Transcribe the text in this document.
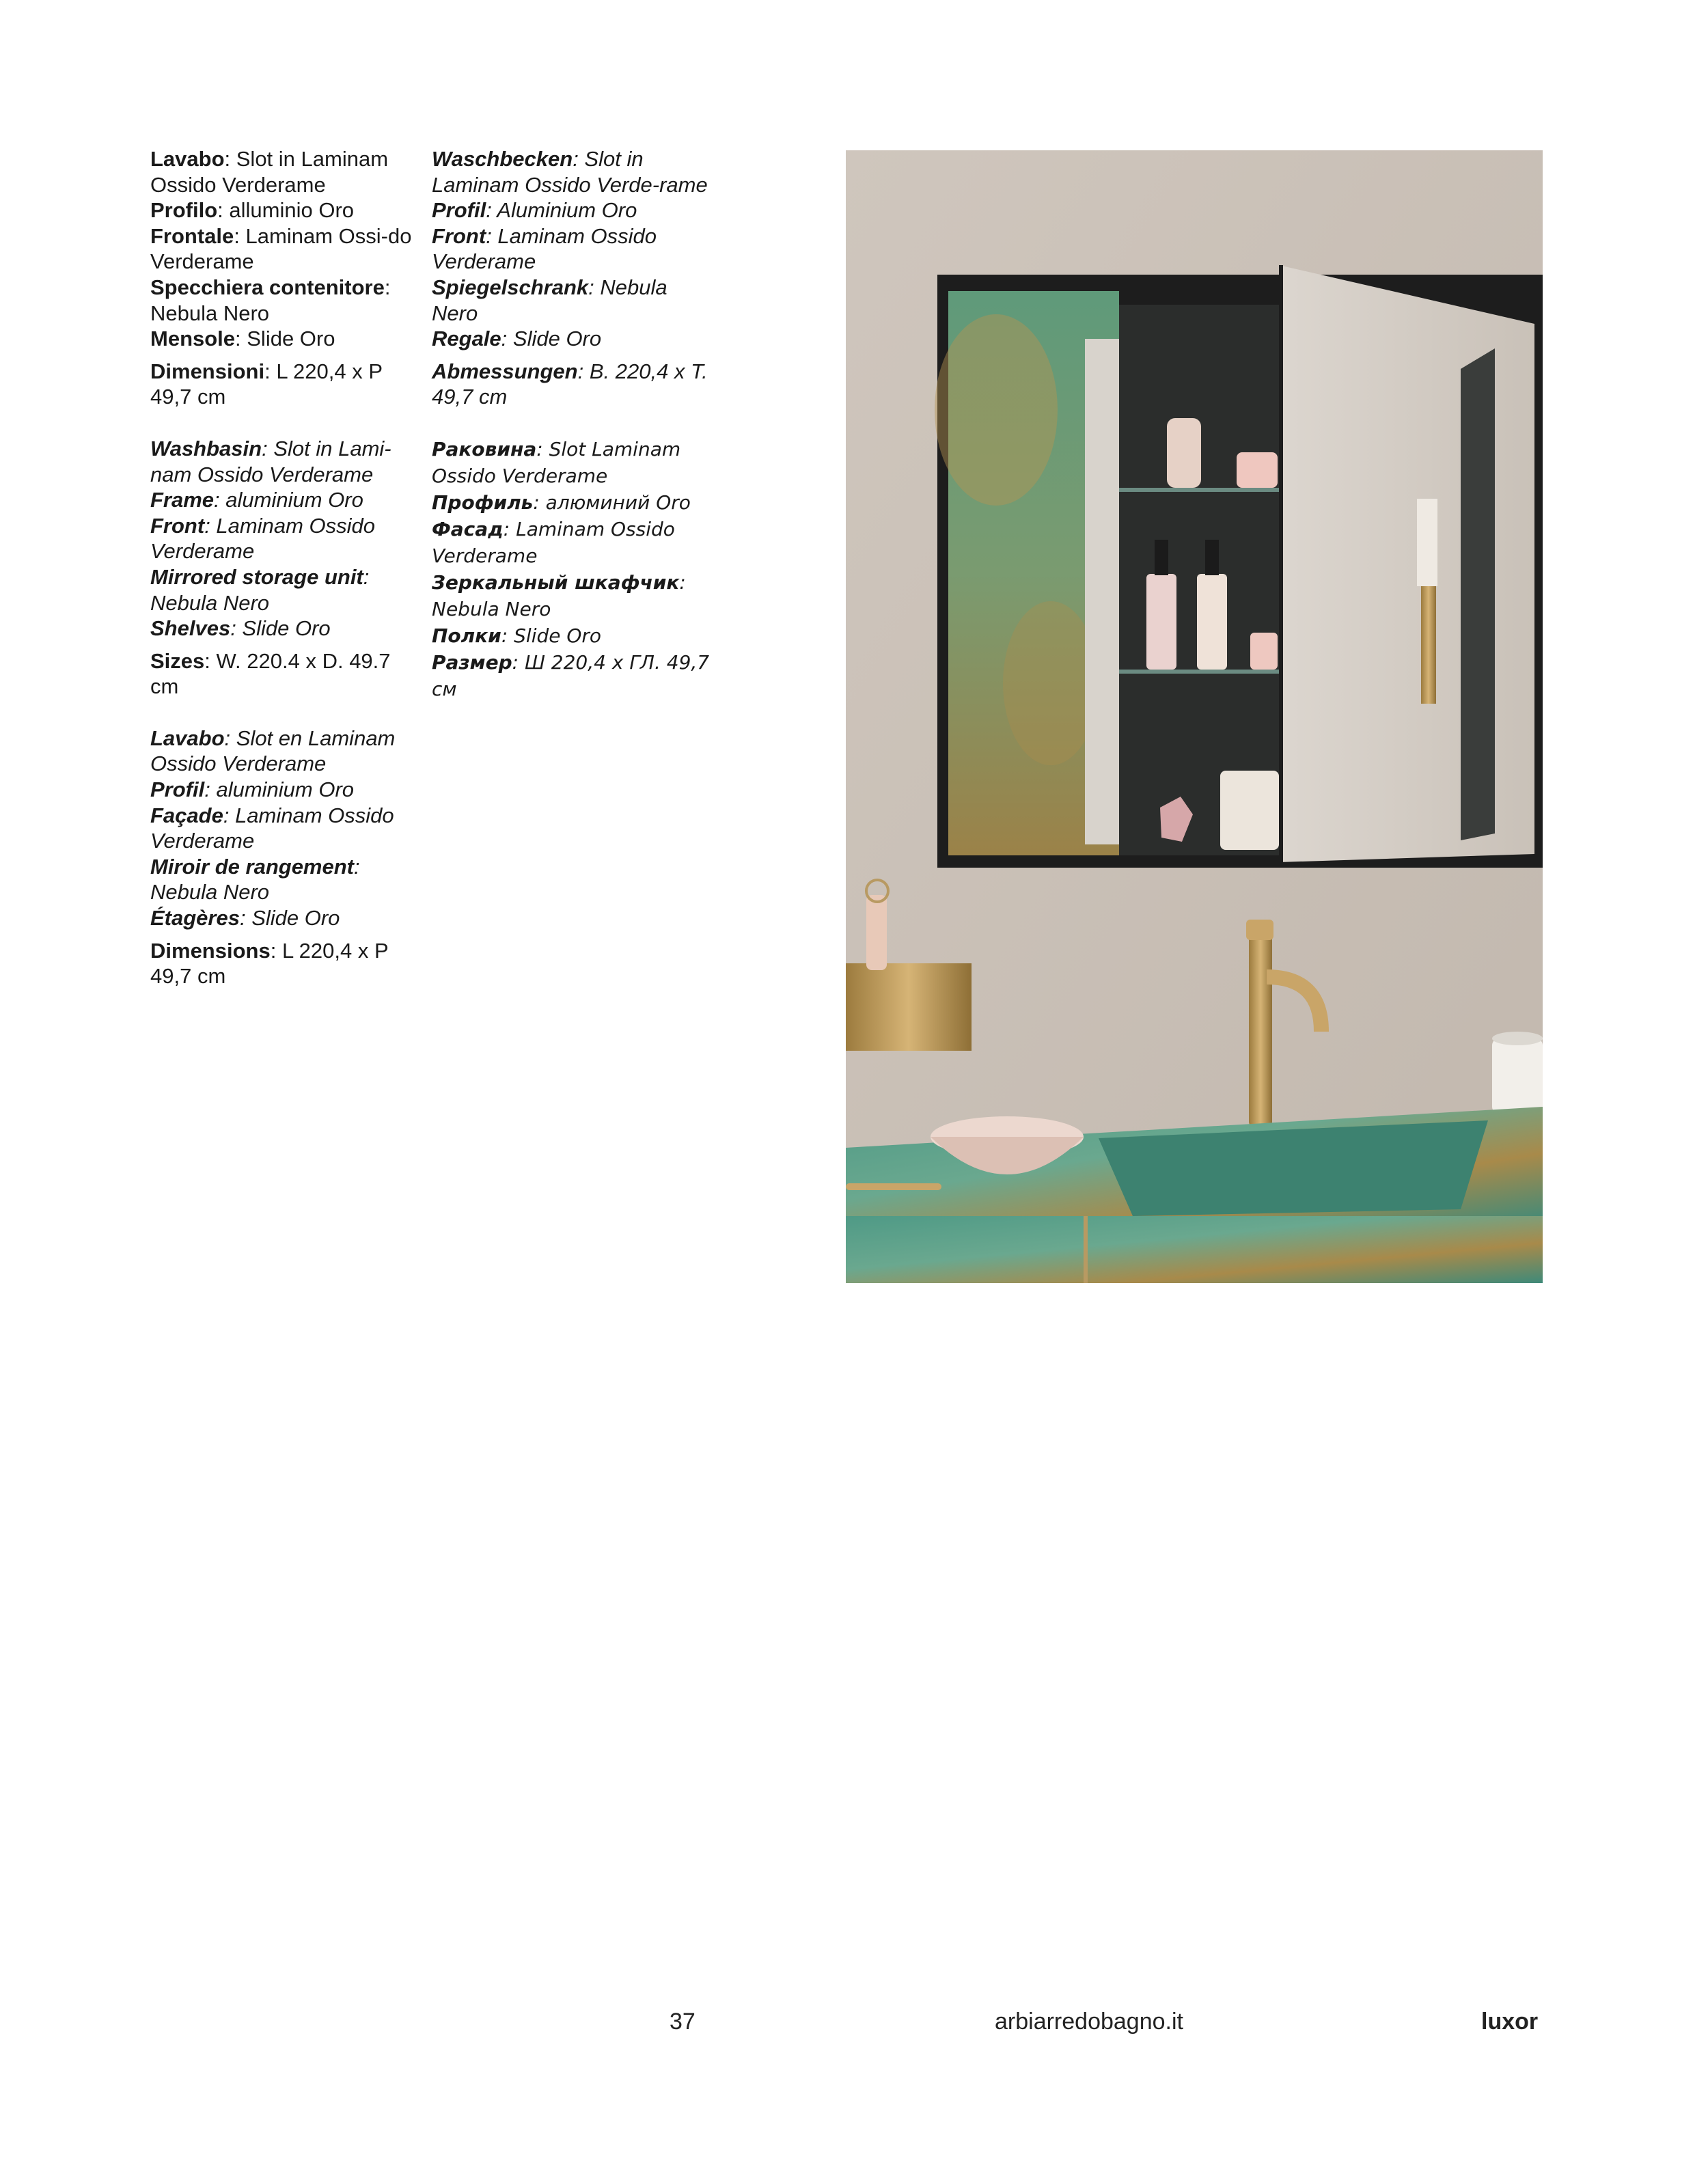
Lavabo: Slot in Laminam Ossido Verderame

Profilo: alluminio Oro

Frontale: Laminam Ossi-do Verderame

Specchiera contenitore: Nebula Nero

Mensole: Slide Oro

Dimensioni: L 220,4 x P 49,7 cm

Washbasin: Slot in Lami-nam Ossido Verderame

Frame: aluminium Oro

Front: Laminam Ossido Verderame

Mirrored storage unit: Nebula Nero

Shelves: Slide Oro

Sizes: W. 220.4 x D. 49.7 cm

Lavabo: Slot en Laminam Ossido Verderame

Profil: aluminium Oro

Façade: Laminam Ossido Verderame

Miroir de rangement: Nebula Nero

Étagères: Slide Oro

Dimensions: L 220,4 x P 49,7 cm

Waschbecken: Slot in Laminam Ossido Verde-rame

Profil: Aluminium Oro

Front: Laminam Ossido Verderame

Spiegelschrank: Nebula Nero

Regale: Slide Oro

Abmessungen: B. 220,4 x T. 49,7 cm

Раковина: Slot Laminam Ossido Verderame

Профиль: алюминий Oro

Фасад: Laminam Ossido Verderame

Зеркальный шкафчик: Nebula Nero

Полки: Slide Oro

Размер: Ш 220,4 x ГЛ. 49,7 см

37	arbiarredobagno.it	luxor
